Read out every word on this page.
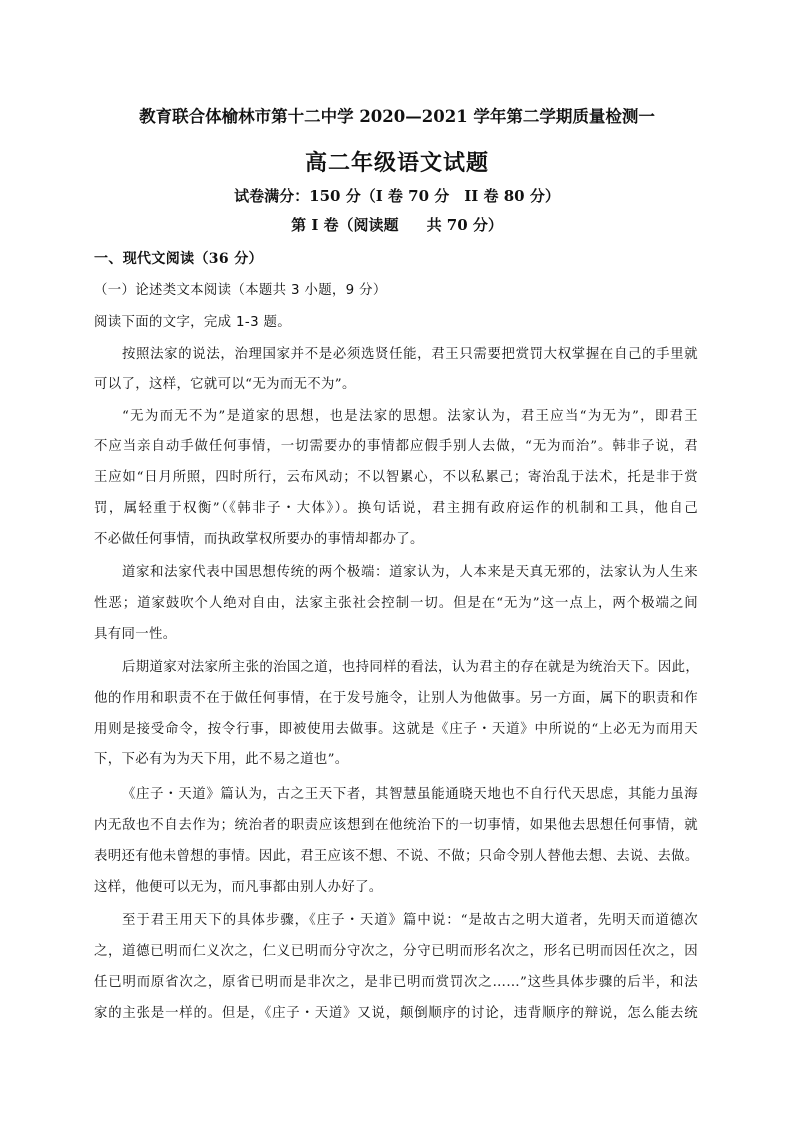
教育联合体榆林市第十二中学 2020—2021 学年第二学期质量检测一
高二年级语文试题
试卷满分：150 分（I 卷 70 分　II 卷 80 分）
第 I 卷（阅读题 共 70 分）
一、现代文阅读（36 分）
（一）论述类文本阅读（本题共 3 小题，9 分）
阅读下面的文字，完成 1-3 题。
按照法家的说法，治理国家并不是必须选贤任能，君王只需要把赏罚大权掌握在自己的手里就
可以了，这样，它就可以“无为而无不为”。
“无为而无不为”是道家的思想，也是法家的思想。法家认为，君王应当“为无为”，即君王
不应当亲自动手做任何事情，一切需要办的事情都应假手别人去做，“无为而治”。韩非子说，君
王应如“日月所照，四时所行，云布风动；不以智累心，不以私累己；寄治乱于法术，托是非于赏
罚，属轻重于权衡”（《韩非子・大体》）。换句话说，君主拥有政府运作的机制和工具，他自己
不必做任何事情，而执政掌权所要办的事情却都办了。
道家和法家代表中国思想传统的两个极端：道家认为，人本来是天真无邪的，法家认为人生来
性恶；道家鼓吹个人绝对自由，法家主张社会控制一切。但是在“无为”这一点上，两个极端之间
具有同一性。
后期道家对法家所主张的治国之道，也持同样的看法，认为君主的存在就是为统治天下。因此，
他的作用和职责不在于做任何事情，在于发号施令，让别人为他做事。另一方面，属下的职责和作
用则是接受命令，按令行事，即被使用去做事。这就是《庄子・天道》中所说的“上必无为而用天
下，下必有为为天下用，此不易之道也”。
《庄子・天道》篇认为，古之王天下者，其智慧虽能通晓天地也不自行代天思虑，其能力虽海
内无敌也不自去作为；统治者的职责应该想到在他统治下的一切事情，如果他去思想任何事情，就
表明还有他未曾想的事情。因此，君王应该不想、不说、不做；只命令别人替他去想、去说、去做。
这样，他便可以无为，而凡事都由别人办好了。
至于君王用天下的具体步骤，《庄子・天道》篇中说：“是故古之明大道者，先明天而道德次
之，道德已明而仁义次之，仁义已明而分守次之，分守已明而形名次之，形名已明而因任次之，因
任已明而原省次之，原省已明而是非次之，是非已明而赏罚次之……”这些具体步骤的后半，和法
家的主张是一样的。但是，《庄子・天道》又说，颠倒顺序的讨论，违背顺序的辩说，怎么能去统
